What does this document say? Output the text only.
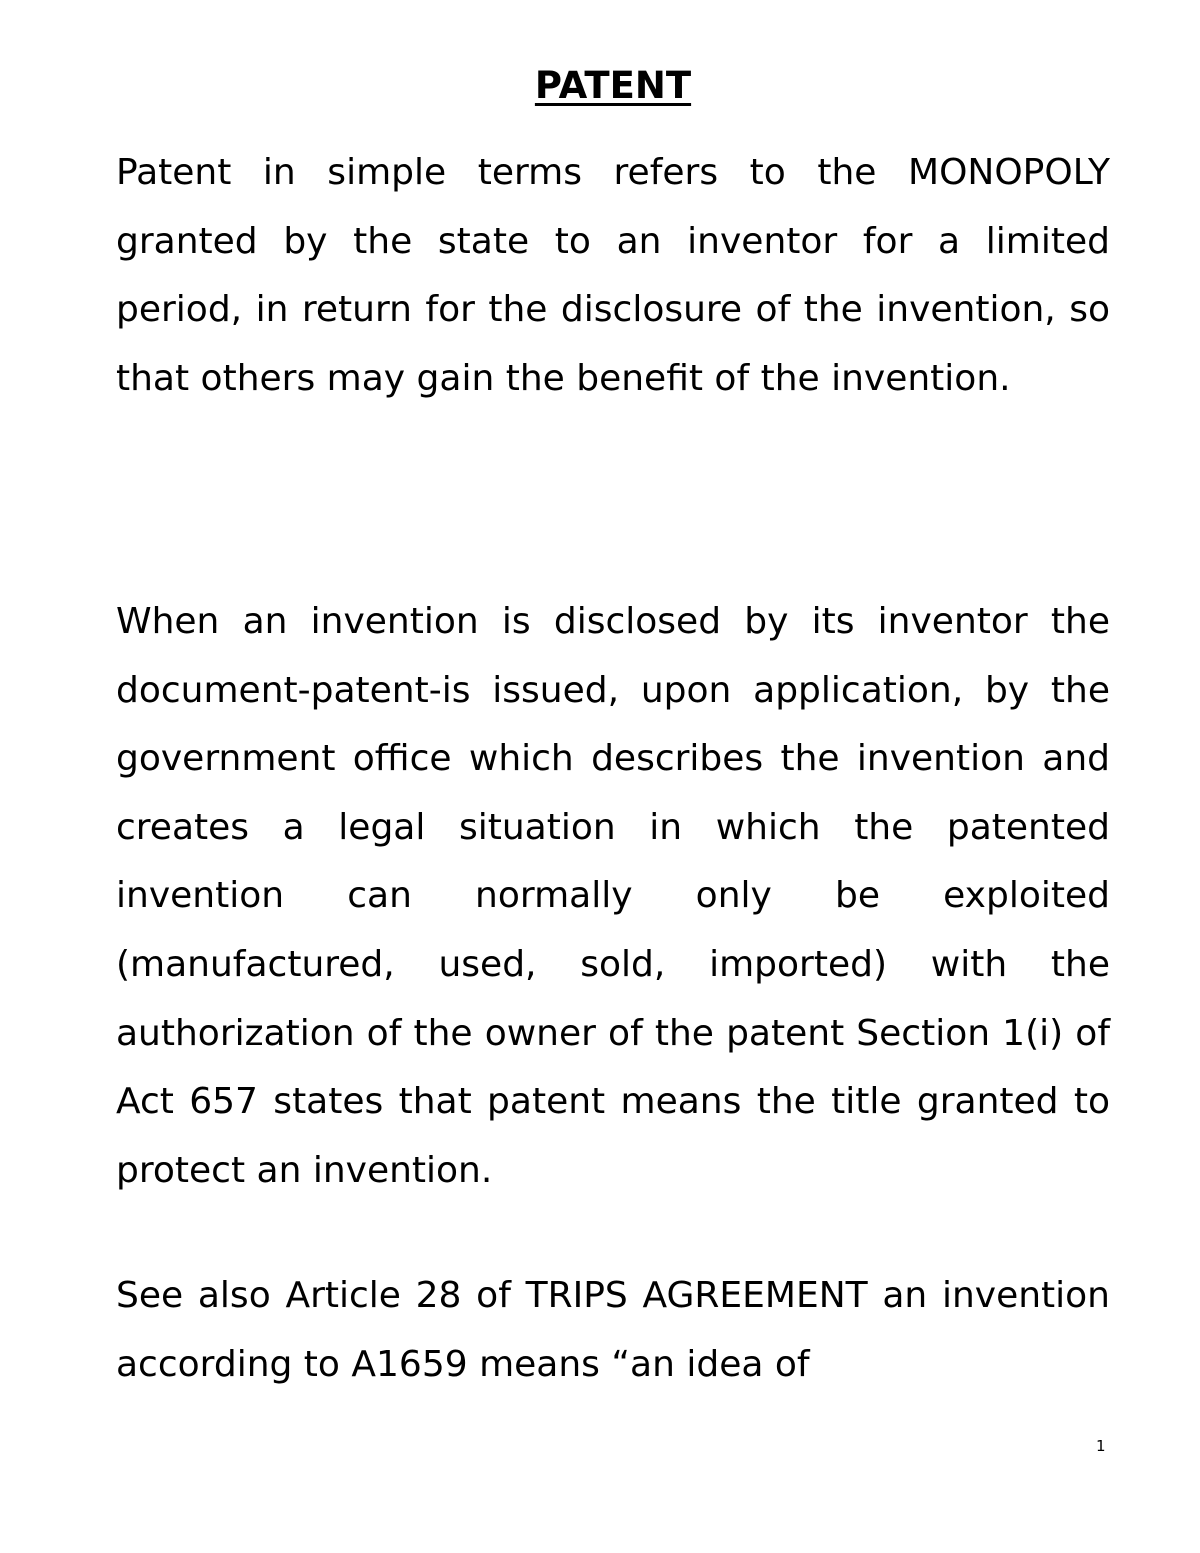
PATENT

Patent in simple terms refers to the MONOPOLY granted by the state to an inventor for a limited period, in return for the disclosure of the invention, so that others may gain the benefit of the invention.

When an invention is disclosed by its inventor the document-patent-is issued, upon application, by the government office which describes the invention and creates a legal situation in which the patented invention can normally only be exploited (manufactured, used, sold, imported) with the authorization of the owner of the patent Section 1(i) of Act 657 states that patent means the title granted to protect an invention.

See also Article 28 of TRIPS AGREEMENT an invention according to A1659 means “an idea of

1
